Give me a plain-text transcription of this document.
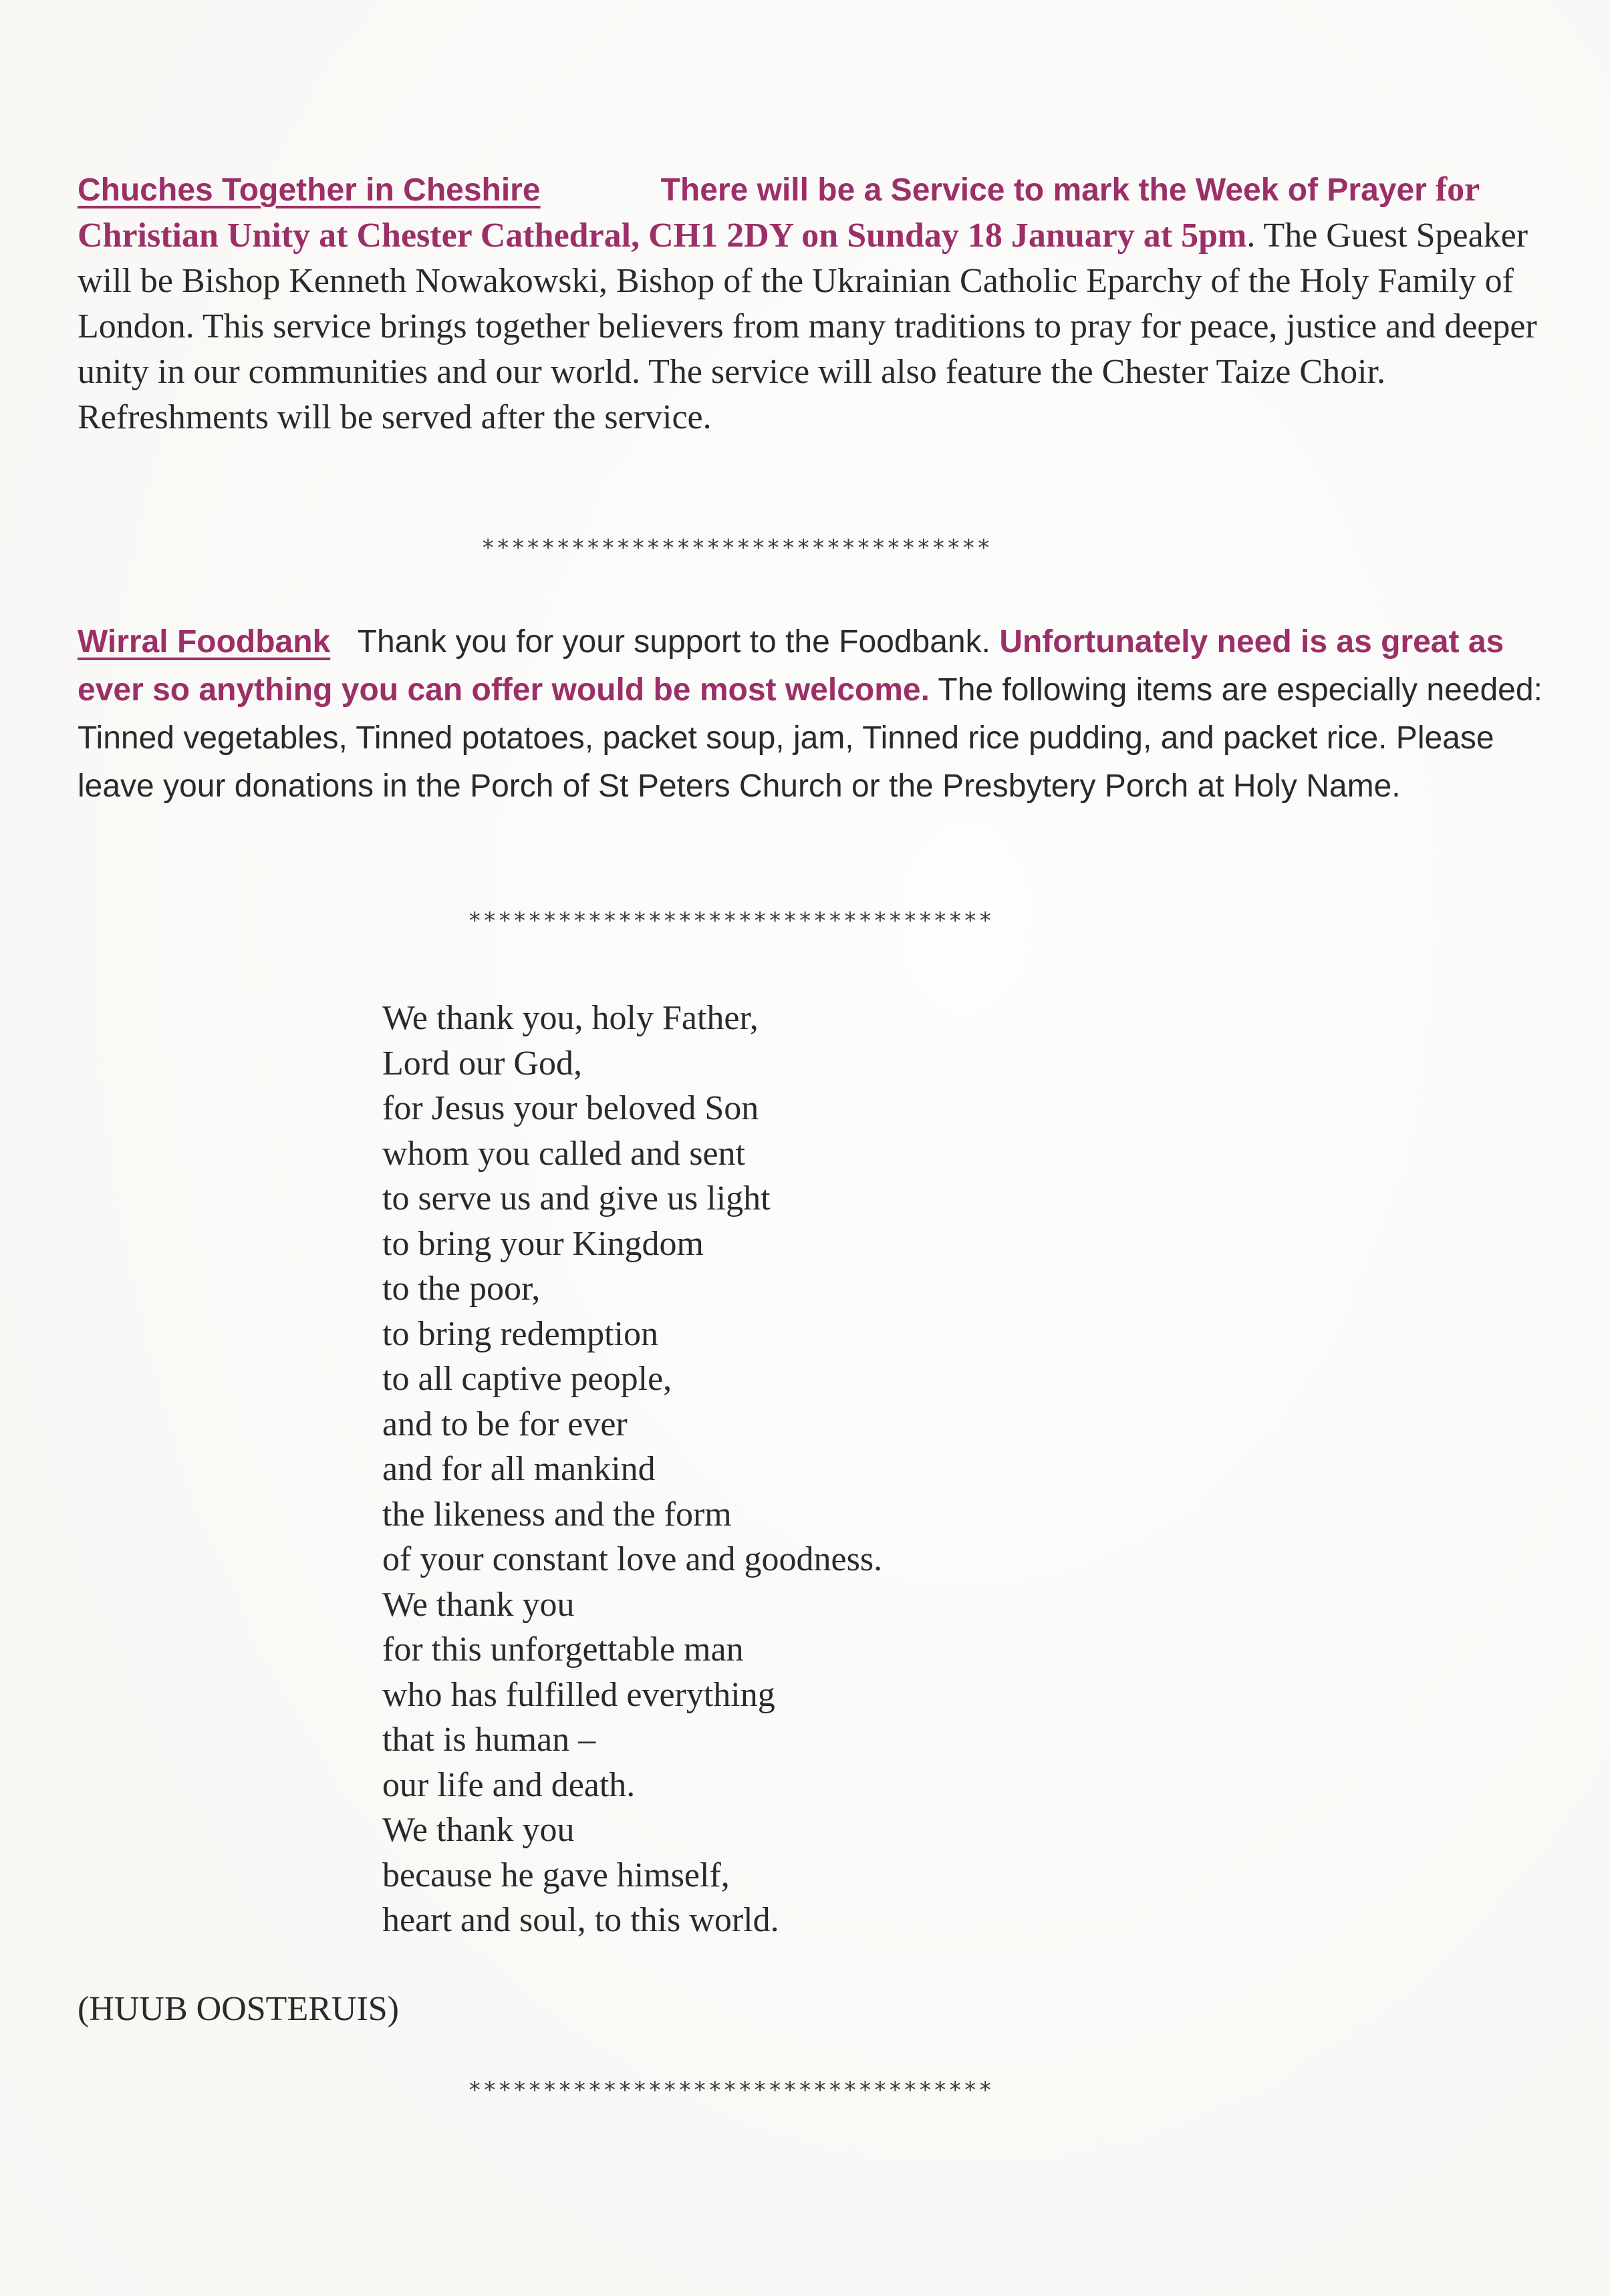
Chuches Together in Cheshire	There will be a Service to mark the Week of Prayer for Christian Unity at Chester Cathedral, CH1 2DY on Sunday 18 January at 5pm. The Guest Speaker will be Bishop Kenneth Nowakowski, Bishop of the Ukrainian Catholic Eparchy of the Holy Family of London. This service brings together believers from many traditions to pray for peace, justice and deeper unity in our communities and our world. The service will also feature the Chester Taize Choir. Refreshments will be served after the service.
**********************************
Wirral Foodbank Thank you for your support to the Foodbank. Unfortunately need is as great as ever so anything you can offer would be most welcome. The following items are especially needed: Tinned vegetables, Tinned potatoes, packet soup, jam, Tinned rice pudding, and packet rice. Please leave your donations in the Porch of St Peters Church or the Presbytery Porch at Holy Name.
***********************************
We thank you, holy Father,
Lord our God,
for Jesus your beloved Son
whom you called and sent
to serve us and give us light
to bring your Kingdom
to the poor,
to bring redemption
to all captive people,
and to be for ever
and for all mankind
the likeness and the form
of your constant love and goodness.
We thank you
for this unforgettable man
who has fulfilled everything
that is human –
our life and death.
We thank you
because he gave himself,
heart and soul, to this world.
(HUUB OOSTERUIS)
***********************************
